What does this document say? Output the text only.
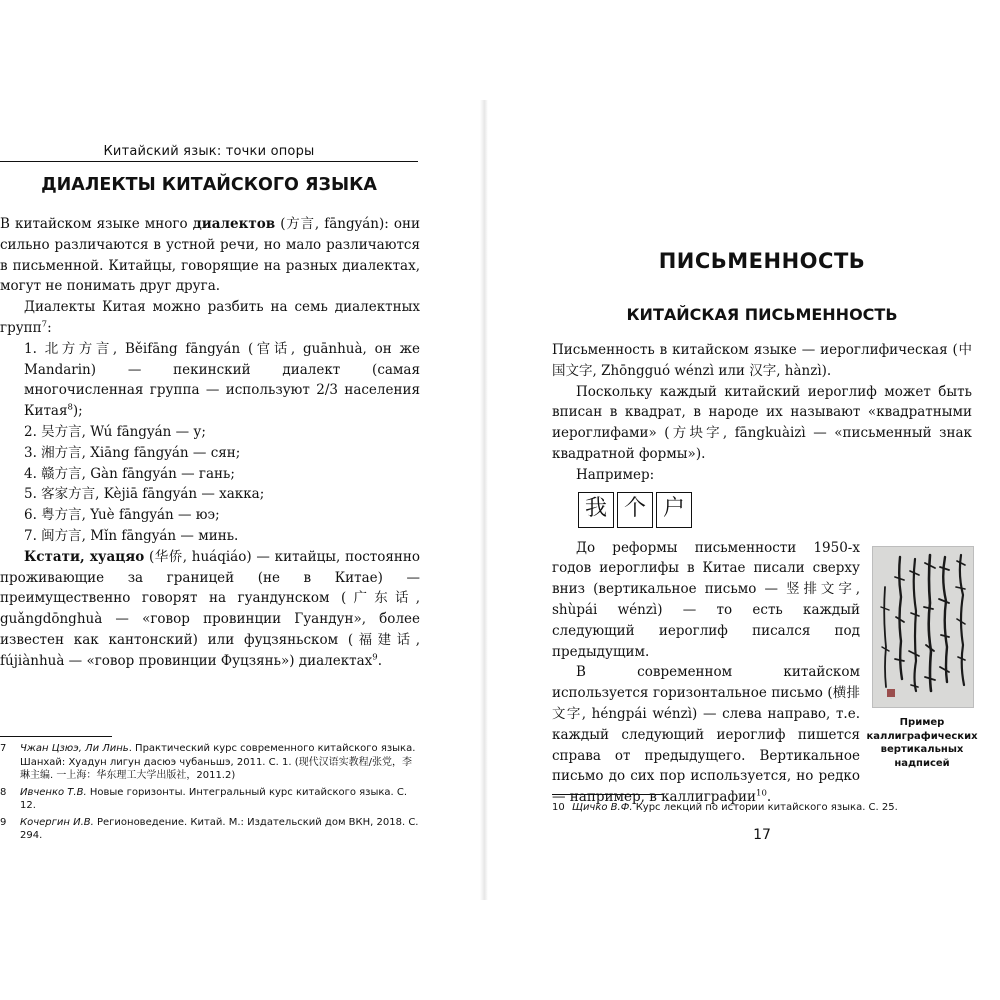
Китайский язык: точки опоры
ДИАЛЕКТЫ КИТАЙСКОГО ЯЗЫКА

В китайском языке много диалектов (方言, fāngyán): они сильно различаются в устной речи, но мало различаются в письменной. Китайцы, говорящие на разных диалектах, могут не понимать друг друга.

Диалекты Китая можно разбить на семь диалектных групп$^7$:

1. 北方方言, Běifāng fāngyán (官话, guānhuà, он же Mandarin) — пекинский диалект (самая многочисленная группа — используют 2/3 населения Китая$^8$);

2. 吴方言, Wú fāngyán — у;

3. 湘方言, Xiāng fāngyán — сян;

4. 赣方言, Gàn fāngyán — гань;

5. 客家方言, Kèjiā fāngyán — хакка;

6. 粤方言, Yuè fāngyán — юэ;

7. 闽方言, Mǐn fāngyán — минь.

Кстати, хуацяо (华侨, huáqiáo) — китайцы, постоянно проживающие за границей (не в Китае) — преимущественно говорят на гуандунском (广东话, guǎngdōnghuà — «говор провинции Гуандун», более известен как кантонский) или фуцзяньском (福建话, fújiànhuà — «говор провинции Фуцзянь») диалектах$^9$.

7	Чжан Цзюэ, Ли Линь. Практический курс современного китайского языка. Шанхай: Хуадун лигун дасюэ чубаньшэ, 2011. С. 1. (现代汉语实教程/张党，李琳主编. 一上海：华东理工大学出版社，2011.2)
8	Ивченко Т.В. Новые горизонты. Интегральный курс китайского языка. С. 12.
9	Кочергин И.В. Регионоведение. Китай. М.: Издательский дом ВКН, 2018. С. 294.
ПИСЬМЕННОСТЬ
КИТАЙСКАЯ ПИСЬМЕННОСТЬ

Письменность в китайском языке — иероглифическая (中国文字, Zhōngguó wénzì или 汉字, hànzì).

Поскольку каждый китайский иероглиф может быть вписан в квадрат, в народе их называют «квадратными иероглифами» (方块字, fāngkuàizì — «письменный знак квадратной формы»).

Например:

我 个 户

До реформы письменности 1950-х годов иероглифы в Китае писали сверху вниз (вертикальное письмо — 竖排文字, shùpái wénzì) — то есть каждый следующий иероглиф писался под предыдущим.

В современном китайском используется горизонтальное письмо (横排文字, héngpái wénzì) — слева направо, т.е. каждый следующий иероглиф пишется справа от предыдущего. Вертикальное письмо до сих пор используется, но редко — например, в каллиграфии$^{10}$.

Пример каллиграфических вертикальных надписей
10 Щичко В.Ф. Курс лекций по истории китайского языка. С. 25.
17
